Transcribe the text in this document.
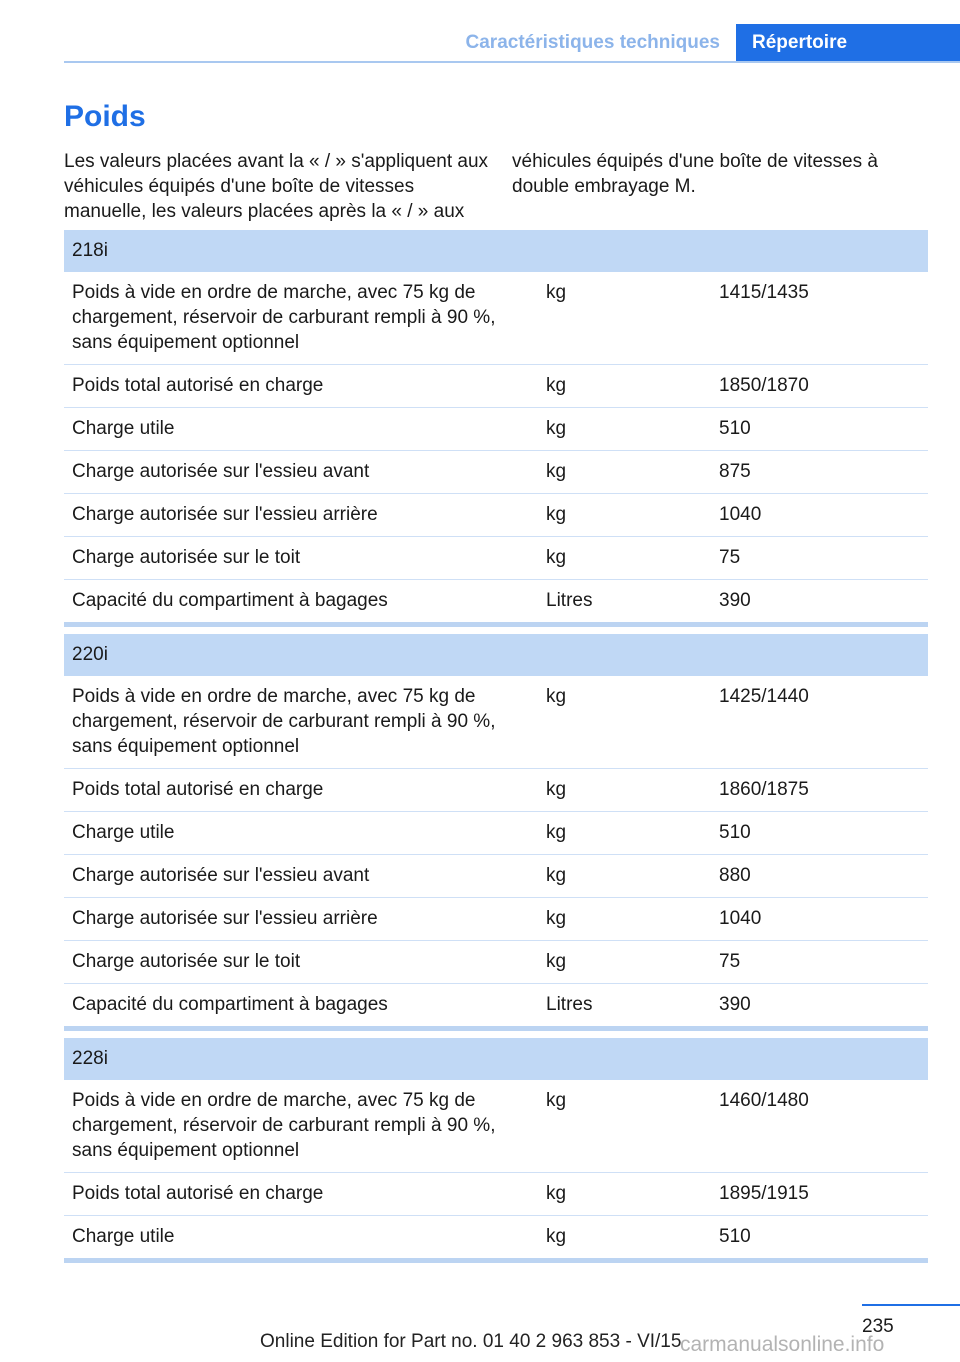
Caractéristiques techniques	Répertoire
Poids
Les valeurs placées avant la « / » s'appliquent aux véhicules équipés d'une boîte de vitesses manuelle, les valeurs placées après la « / » aux
véhicules équipés d'une boîte de vitesses à double embrayage M.
218i		
Poids à vide en ordre de marche, avec 75 kg de chargement, réservoir de carburant rempli à 90 %, sans équipement optionnel	kg	1415/1435
Poids total autorisé en charge	kg	1850/1870
Charge utile	kg	510
Charge autorisée sur l'essieu avant	kg	875
Charge autorisée sur l'essieu arrière	kg	1040
Charge autorisée sur le toit	kg	75
Capacité du compartiment à bagages	Litres	390
220i		
Poids à vide en ordre de marche, avec 75 kg de chargement, réservoir de carburant rempli à 90 %, sans équipement optionnel	kg	1425/1440
Poids total autorisé en charge	kg	1860/1875
Charge utile	kg	510
Charge autorisée sur l'essieu avant	kg	880
Charge autorisée sur l'essieu arrière	kg	1040
Charge autorisée sur le toit	kg	75
Capacité du compartiment à bagages	Litres	390
228i		
Poids à vide en ordre de marche, avec 75 kg de chargement, réservoir de carburant rempli à 90 %, sans équipement optionnel	kg	1460/1480
Poids total autorisé en charge	kg	1895/1915
Charge utile	kg	510
235
Online Edition for Part no. 01 40 2 963 853 - VI/15
carmanualsonline.info
